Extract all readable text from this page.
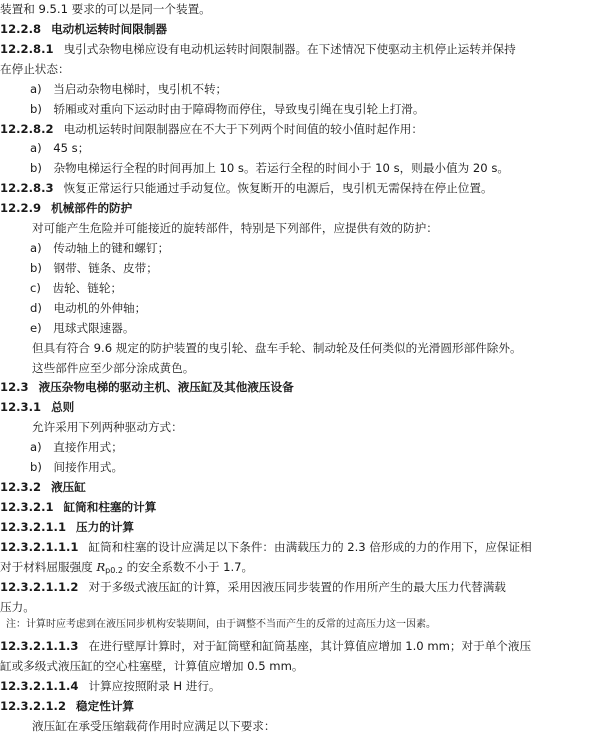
装置和 9.5.1 要求的可以是同一个装置。
12.2.8 电动机运转时间限制器
12.2.8.1 曳引式杂物电梯应设有电动机运转时间限制器。在下述情况下使驱动主机停止运转并保持
在停止状态：
a)　当启动杂物电梯时，曳引机不转；
b)　轿厢或对重向下运动时由于障碍物而停住，导致曳引绳在曳引轮上打滑。
12.2.8.2 电动机运转时间限制器应在不大于下列两个时间值的较小值时起作用：
a)　45 s；
b)　杂物电梯运行全程的时间再加上 10 s。若运行全程的时间小于 10 s，则最小值为 20 s。
12.2.8.3 恢复正常运行只能通过手动复位。恢复断开的电源后，曳引机无需保持在停止位置。
12.2.9 机械部件的防护
对可能产生危险并可能接近的旋转部件，特别是下列部件，应提供有效的防护：
a)　传动轴上的键和螺钉；
b)　钢带、链条、皮带；
c)　齿轮、链轮；
d)　电动机的外伸轴；
e)　甩球式限速器。
但具有符合 9.6 规定的防护装置的曳引轮、盘车手轮、制动轮及任何类似的光滑圆形部件除外。
这些部件应至少部分涂成黄色。
12.3 液压杂物电梯的驱动主机、液压缸及其他液压设备
12.3.1 总则
允许采用下列两种驱动方式：
a)　直接作用式；
b)　间接作用式。
12.3.2 液压缸
12.3.2.1 缸筒和柱塞的计算
12.3.2.1.1 压力的计算
12.3.2.1.1.1 缸筒和柱塞的设计应满足以下条件：由满载压力的 2.3 倍形成的力的作用下，应保证相
对于材料屈服强度 $R_{p0.2}$ 的安全系数不小于 1.7。
12.3.2.1.1.2 对于多级式液压缸的计算，采用因液压同步装置的作用所产生的最大压力代替满载
压力。
注：计算时应考虑到在液压同步机构安装期间，由于调整不当而产生的反常的过高压力这一因素。
12.3.2.1.1.3 在进行壁厚计算时，对于缸筒壁和缸筒基座，其计算值应增加 1.0 mm；对于单个液压
缸或多级式液压缸的空心柱塞壁，计算值应增加 0.5 mm。
12.3.2.1.1.4 计算应按照附录 H 进行。
12.3.2.1.2 稳定性计算
液压缸在承受压缩载荷作用时应满足以下要求：
